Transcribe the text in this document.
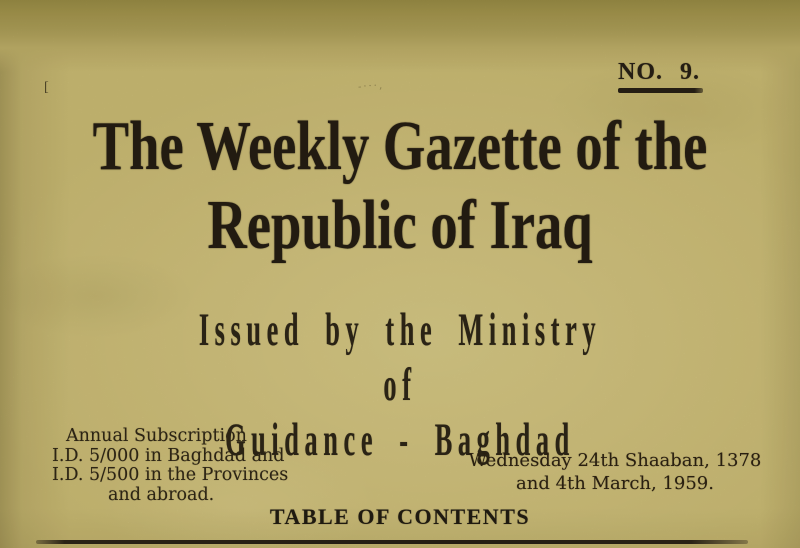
[	-···‚
NO. 9.
The Weekly Gazette of the
Republic of Iraq
Issued by the Ministry of
Guidance - Baghdad
Annual Subscription
I.D. 5/000 in Baghdad and
I.D. 5/500 in the Provinces
and abroad.
Wednesday 24th Shaaban, 1378
and 4th March, 1959.
TABLE OF CONTENTS
